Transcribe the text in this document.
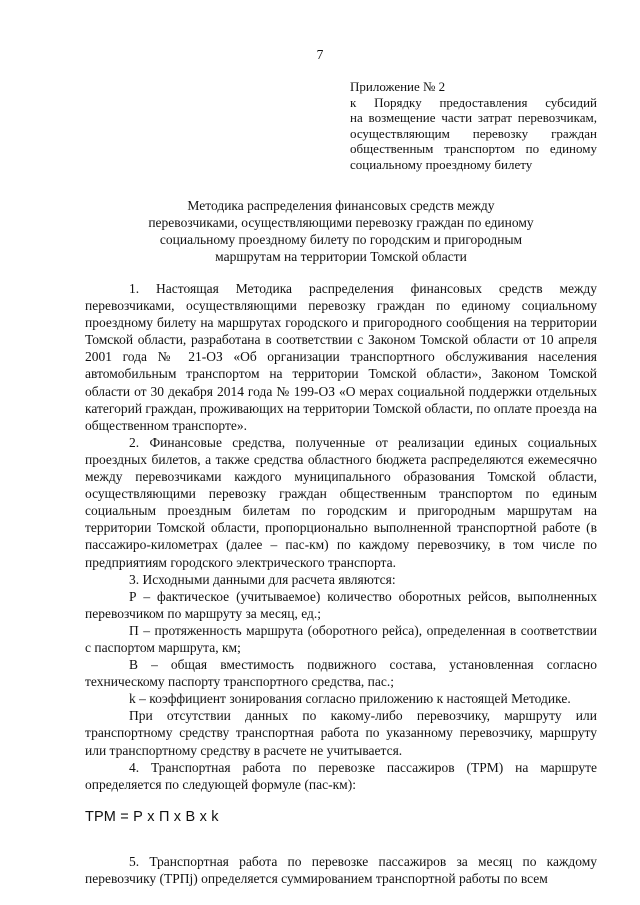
7
Приложение № 2
к Порядку предоставления субсидий
на возмещение части затрат перевозчикам,
осуществляющим перевозку граждан
общественным транспортом по единому
социальному проездному билету
Методика распределения финансовых средств между
перевозчиками, осуществляющими перевозку граждан по единому
социальному проездному билету по городским и пригородным
маршрутам на территории Томской области

1. Настоящая Методика распределения финансовых средств между перевозчиками, осуществляющими перевозку граждан по единому социальному проездному билету на маршрутах городского и пригородного сообщения на территории Томской области, разработана в соответствии с Законом Томской области от 10 апреля 2001 года № 21-ОЗ «Об организации транспортного обслуживания населения автомобильным транспортом на территории Томской области», Законом Томской области от 30 декабря 2014 года № 199-ОЗ «О мерах социальной поддержки отдельных категорий граждан, проживающих на территории Томской области, по оплате проезда на общественном транспорте».

2. Финансовые средства, полученные от реализации единых социальных проездных билетов, а также средства областного бюджета распределяются ежемесячно между перевозчиками каждого муниципального образования Томской области, осуществляющими перевозку граждан общественным транспортом по единым социальным проездным билетам по городским и пригородным маршрутам на территории Томской области, пропорционально выполненной транспортной работе (в пассажиро-километрах (далее – пас-км) по каждому перевозчику, в том числе по предприятиям городского электрического транспорта.

3. Исходными данными для расчета являются:

Р – фактическое (учитываемое) количество оборотных рейсов, выполненных перевозчиком по маршруту за месяц, ед.;

П – протяженность маршрута (оборотного рейса), определенная в соответствии с паспортом маршрута, км;

В – общая вместимость подвижного состава, установленная согласно техническому паспорту транспортного средства, пас.;

k – коэффициент зонирования согласно приложению к настоящей Методике.

При отсутствии данных по какому-либо перевозчику, маршруту или транспортному средству транспортная работа по указанному перевозчику, маршруту или транспортному средству в расчете не учитывается.

4. Транспортная работа по перевозке пассажиров (ТРМ) на маршруте определяется по следующей формуле (пас-км):

ТРМ = Р х П х В х k

5. Транспортная работа по перевозке пассажиров за месяц по каждому перевозчику (ТРПj) определяется суммированием транспортной работы по всем
